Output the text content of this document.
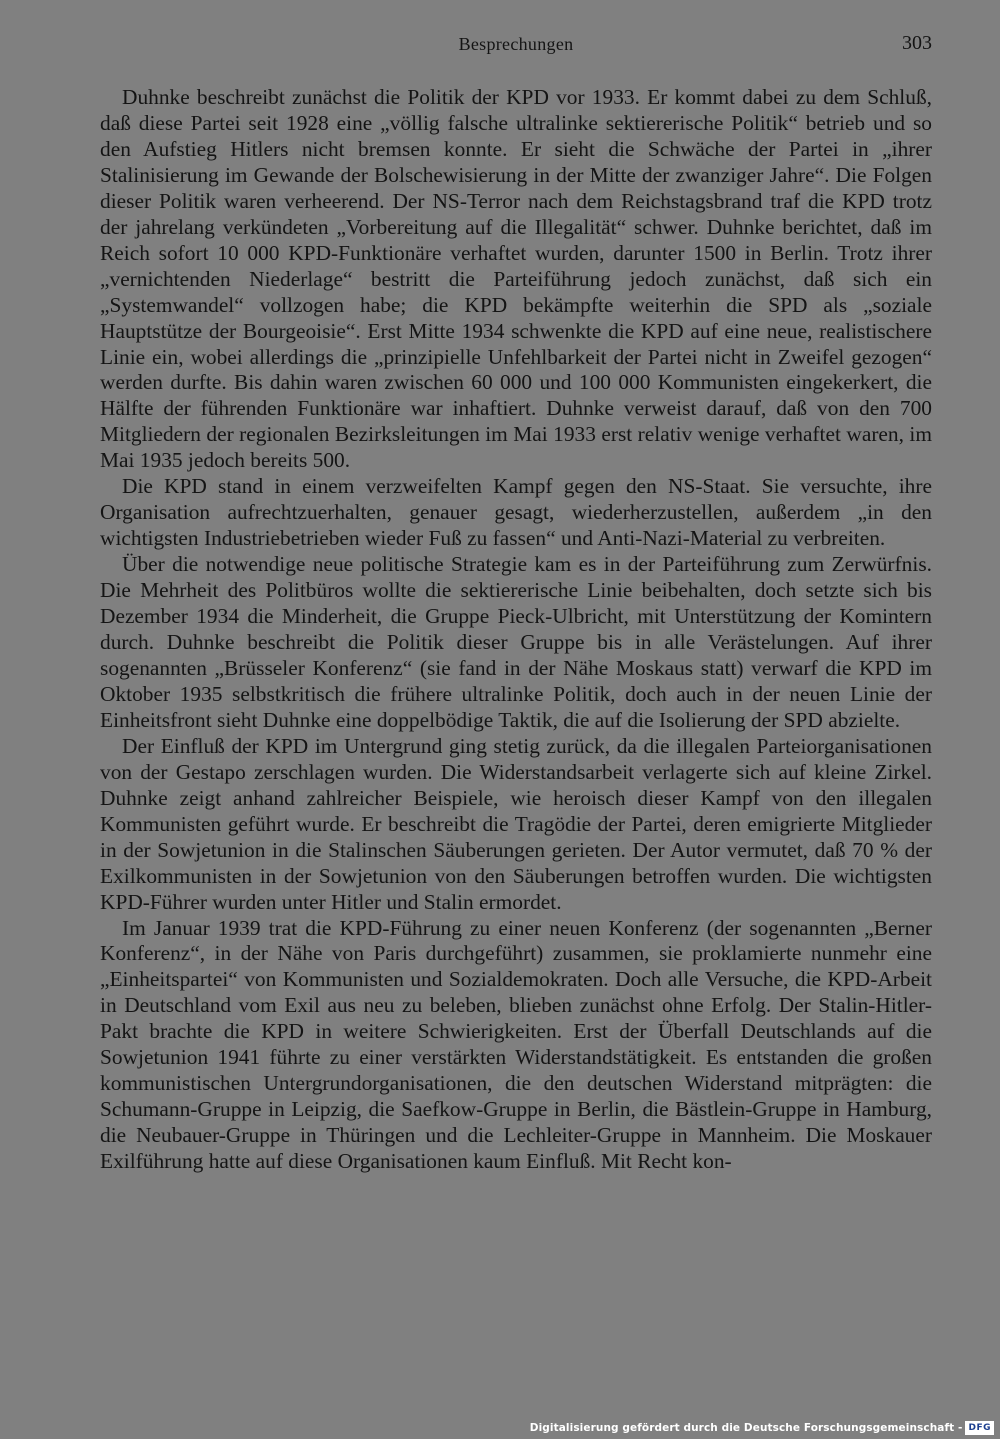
Besprechungen	303

Duhnke beschreibt zunächst die Politik der KPD vor 1933. Er kommt dabei zu dem Schluß, daß diese Partei seit 1928 eine „völlig falsche ultralinke sektiererische Politik“ betrieb und so den Aufstieg Hitlers nicht bremsen konnte. Er sieht die Schwäche der Partei in „ihrer Stalinisierung im Gewande der Bolschewisierung in der Mitte der zwanziger Jahre“. Die Folgen dieser Politik waren verheerend. Der NS-Terror nach dem Reichstagsbrand traf die KPD trotz der jahrelang verkündeten „Vorbereitung auf die Illegalität“ schwer. Duhnke berichtet, daß im Reich sofort 10 000 KPD-Funktionäre verhaftet wurden, darunter 1500 in Berlin. Trotz ihrer „vernichtenden Niederlage“ bestritt die Parteiführung jedoch zunächst, daß sich ein „Systemwandel“ vollzogen habe; die KPD bekämpfte weiterhin die SPD als „soziale Hauptstütze der Bourgeoisie“. Erst Mitte 1934 schwenkte die KPD auf eine neue, realistischere Linie ein, wobei allerdings die „prinzipielle Unfehlbarkeit der Partei nicht in Zweifel gezogen“ werden durfte. Bis dahin waren zwischen 60 000 und 100 000 Kommunisten eingekerkert, die Hälfte der führenden Funktionäre war inhaftiert. Duhnke verweist darauf, daß von den 700 Mitgliedern der regionalen Bezirksleitungen im Mai 1933 erst relativ wenige verhaftet waren, im Mai 1935 jedoch bereits 500.

Die KPD stand in einem verzweifelten Kampf gegen den NS-Staat. Sie versuchte, ihre Organisation aufrechtzuerhalten, genauer gesagt, wiederherzustellen, außerdem „in den wichtigsten Industriebetrieben wieder Fuß zu fassen“ und Anti-Nazi-Material zu verbreiten.

Über die notwendige neue politische Strategie kam es in der Parteiführung zum Zerwürfnis. Die Mehrheit des Politbüros wollte die sektiererische Linie beibehalten, doch setzte sich bis Dezember 1934 die Minderheit, die Gruppe Pieck-Ulbricht, mit Unterstützung der Komintern durch. Duhnke beschreibt die Politik dieser Gruppe bis in alle Verästelungen. Auf ihrer sogenannten „Brüsseler Konferenz“ (sie fand in der Nähe Moskaus statt) verwarf die KPD im Oktober 1935 selbstkritisch die frühere ultralinke Politik, doch auch in der neuen Linie der Einheitsfront sieht Duhnke eine doppelbödige Taktik, die auf die Isolierung der SPD abzielte.

Der Einfluß der KPD im Untergrund ging stetig zurück, da die illegalen Parteiorganisationen von der Gestapo zerschlagen wurden. Die Widerstandsarbeit verlagerte sich auf kleine Zirkel. Duhnke zeigt anhand zahlreicher Beispiele, wie heroisch dieser Kampf von den illegalen Kommunisten geführt wurde. Er beschreibt die Tragödie der Partei, deren emigrierte Mitglieder in der Sowjetunion in die Stalinschen Säuberungen gerieten. Der Autor vermutet, daß 70 % der Exilkommunisten in der Sowjetunion von den Säuberungen betroffen wurden. Die wichtigsten KPD-Führer wurden unter Hitler und Stalin ermordet.

Im Januar 1939 trat die KPD-Führung zu einer neuen Konferenz (der sogenannten „Berner Konferenz“, in der Nähe von Paris durchgeführt) zusammen, sie proklamierte nunmehr eine „Einheitspartei“ von Kommunisten und Sozialdemokraten. Doch alle Versuche, die KPD-Arbeit in Deutschland vom Exil aus neu zu beleben, blieben zunächst ohne Erfolg. Der Stalin-Hitler-Pakt brachte die KPD in weitere Schwierigkeiten. Erst der Überfall Deutschlands auf die Sowjetunion 1941 führte zu einer verstärkten Widerstandstätigkeit. Es entstanden die großen kommunistischen Untergrundorganisationen, die den deutschen Widerstand mitprägten: die Schumann-Gruppe in Leipzig, die Saefkow-Gruppe in Berlin, die Bästlein-Gruppe in Hamburg, die Neubauer-Gruppe in Thüringen und die Lechleiter-Gruppe in Mannheim. Die Moskauer Exilführung hatte auf diese Organisationen kaum Einfluß. Mit Recht kon-

Digitalisierung gefördert durch die Deutsche Forschungsgemeinschaft - DFG
